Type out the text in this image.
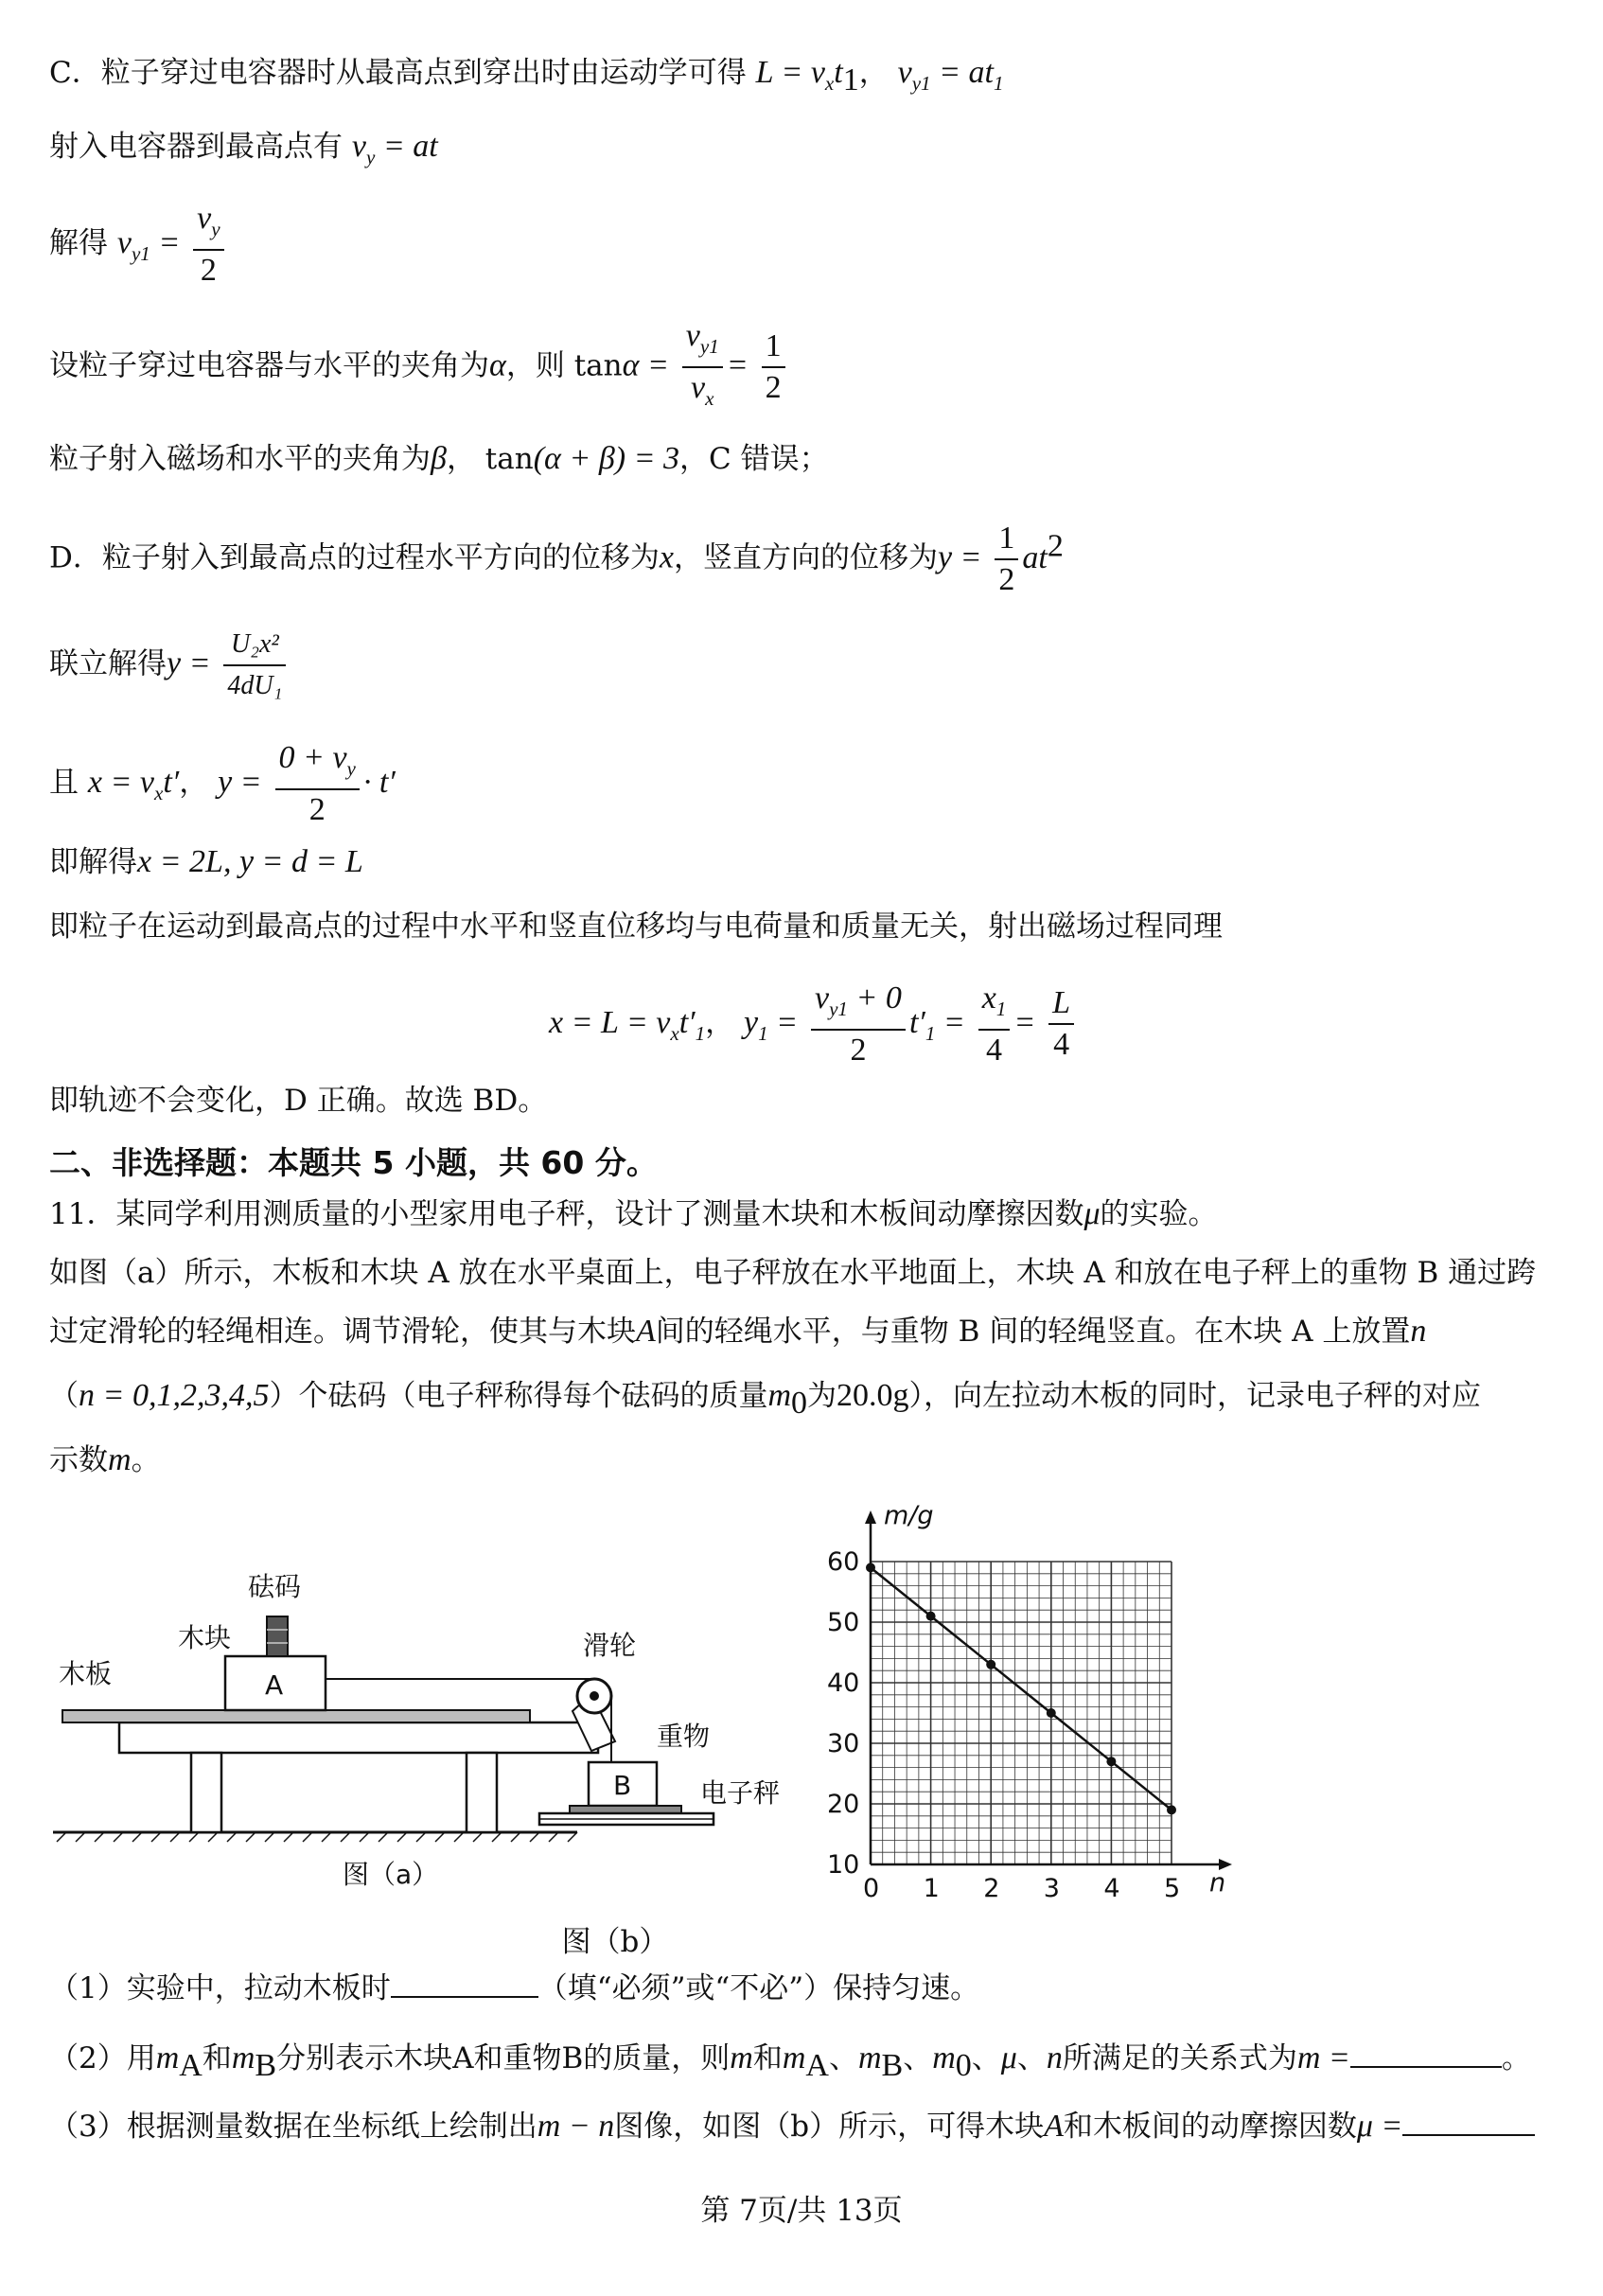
C．粒子穿过电容器时从最高点到穿出时由运动学可得 $L = v_xt_1$， $v_{y1} = at_1$
射入电容器到最高点有 $v_y$ = at
解得 $v_{y1} = \frac{v_y}{2}$
设粒子穿过电容器与水平的夹角为α，则 $\tan\alpha = \frac{v_{y1}}{v_x} = \frac{1}{2}$
粒子射入磁场和水平的夹角为β， tan(α + β) = 3，C 错误；
D．粒子射入到最高点的过程水平方向的位移为x，竖直方向的位移为$y = \frac{1}{2} at^2$
联立解得$y = \frac{\text{U₂x²}}{\text{4dU₁}}$
且 $x = v_xt'$， $y = \frac{0 + v_y}{2} \cdot t'$
即解得x = 2L, y = d = L
即粒子在运动到最高点的过程中水平和竖直位移均与电荷量和质量无关，射出磁场过程同理
$x = L = v_xt'_1$， $y_1 = \frac{v_{y1} + 0}{2} t'_1 = \frac{x_1}{4} = \frac{L}{4}$
即轨迹不会变化，D 正确。故选 BD。
二、非选择题：本题共 5 小题，共 60 分。
11．某同学利用测质量的小型家用电子秤，设计了测量木块和木板间动摩擦因数μ的实验。
如图（a）所示，木板和木块 A 放在水平桌面上，电子秤放在水平地面上，木块 A 和放在电子秤上的重物 B 通过跨
过定滑轮的轻绳相连。调节滑轮，使其与木块A间的轻绳水平，与重物 B 间的轻绳竖直。在木块 A 上放置n
（n = 0,1,2,3,4,5）个砝码（电子秤称得每个砝码的质量$m_0$为20.0g），向左拉动木板的同时，记录电子秤的对应
示数m。
砝码
木块
木板	A
滑轮
重物
B	电子秤
图（a）	0 1 2 3 4 5
10
20
30
40
50
60
m/g
n
图（b）
（1）实验中，拉动木板时	（填“必须”或“不必”）保持匀速。
（2）用$m_A$和$m_B$分别表示木块A和重物B的质量，则m和$m_A$、$m_B$、$m_0$、μ、n所满足的关系式为m =	。
（3）根据测量数据在坐标纸上绘制出m − n图像，如图（b）所示，可得木块A和木板间的动摩擦因数μ =
第 7页/共 13页
